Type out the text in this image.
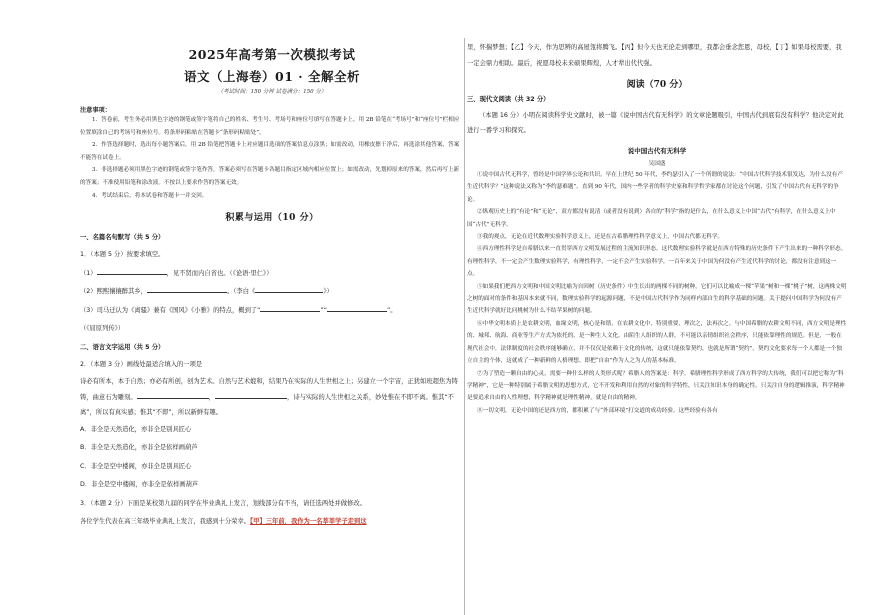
2025年高考第一次模拟考试
语文（上海卷）01 · 全解全析
（考试时间：150 分钟 试卷满分：150 分）
注意事项：
1．答卷前，考生务必用黑色字迹的钢笔或签字笔将自己的姓名、考生号、考场号和座位号填写在答题卡上。用 2B 铅笔在“考场号”和“座位号”栏相应位置填涂自己的考场号和座位号。将条形码粘贴在答题卡“条形码粘贴处”。
2．作答选择题时，选出每小题答案后，用 2B 铅笔把答题卡上对应题目选项的答案信息点涂黑；如需改动，用橡皮擦干净后，再选涂其他答案，答案不能答在试卷上。
3．非选择题必须用黑色字迹的钢笔或签字笔作答，答案必须写在答题卡各题目指定区域内相应位置上；如需改动，先划掉原来的答案，然后再写上新的答案；不准使用铅笔和涂改液。不按以上要求作答的答案无效。
4．考试结束后，将本试卷和答题卡一并交回。
积累与运用（10 分）
一、名篇名句默写（共 5 分）
1．（本题 5 分）按要求填空。
（1）	，见不贤而内自省也。（《论语·里仁》）
（2）熙熙攘攘醉其乡，	。（李白《	》）
（3）司马迁认为《离骚》兼有《国风》《小雅》的特点，概到了“	”“	”。
（《屈原列传》）
二、语言文字运用（共 5 分）
2．（本题 3 分）画线处最适合填入的一项是
诗必有所本，本于自然；亦必有所创，创为艺术。自然与艺术媲和，结果乃在实际的人生世相之上；另建立一个宇宙，正犹如班超焦为铸铸，曲意石为雕刻。	，	，诗与实际的人生世相之关系，妙处惟在不即不离。惟其“不离”，所以有真实感；惟其“不即”，所以新鲜有趣。
A．非全是天然造化，亦非全是别具匠心
B．非全是天然造化，亦非全是依样画葫芦
C．非全是空中楼阁，亦非全是别具匠心
D．非全是空中楼阁，亦非全是依样画葫芦
3．（本题 2 分）下面是某校第九届的同学在毕业典礼上发言，划线部分有不当，请任选两处并做修改。
各位学生代表在高三年级毕业典礼上发言，我感到十分荣幸。【甲】三年前，我作为一名莘莘学子走到这
里，怀揣梦想；【乙】今天，作为思辨的高屋瓴将腾飞。【丙】但今天也无论走到哪里，我都会垂念您恩，母校，【丁】如果母校需要，我一定会鼎力相助。最后，祝愿母校未来硕果辉煌，人才辈出代代强。
阅读（70 分）
三、现代文阅读（共 32 分）
（本题 16 分）小明在阅读科学史文献时，被一篇《说中国古代有无科学》的文章论题吸引，中国古代到底有没有科学？他决定对此进行一番学习和探究。
说中国古代有无科学
吴国盛
①说中国古代无科学，曾经是中国学界公论和共识。早在上世纪 50 年代，李约瑟引入了一个所谓的说法：“中国古代科学技术很发达，为什么没有产生近代科学？”这种说法又称为“李约瑟难题”。直到 90 年代，国内一些学者的科学史家和科学哲学家都在讨论这个问题，引发了中国古代有无科学的争论。
②纵观历史上的“有论”和“无论”，双方都没有说清（或者没有说到）各自的“科学”指的是什么，在什么意义上中国“古代”有科学，在什么意义上中国“古代”无科学。
③我的观点，无论在近代数理实验科学意义上，还是在古希腊理性科学意义上，中国古代都无科学。
④西方理性科学是自希腊以来一直贯穿西方文明发展过程的主流知识形态。这代数理实验科学就是在西方特殊的历史条件下产生出来的一种科学形态。有理性科学，不一定会产生数理实验科学，有理性科学，一定不会产生实验科学。一百年来关于中国为何没有产生近代科学的讨论，都没有注意到这一点。
⑤如果我们把西方文明和中国文明比喻为自因树（历史条件）中生长出的两棵不同的树种，它们可以比喻成一棵“苹果”树和一棵“桃子”树，这两株文明之树的面对的条件和基因本来就不同，数理实验科学的起源问题，不是中国古代科学作为同样内部自生的科学基础的问题。关于提问中国科学为何没有产生近代科学就好比问桃树为什么不结苹果树的问题。
⑥中华文明本质上是农耕文明，血缘文明，核心是和谐，在农耕文化中，特别重要，理次之，法再次之。与中国希腊的农耕文明不同，西方文明是理性的、城邦、航海、商业等生产方式为依托的，是一种生人文化。由陌生人组织的人群，不可能以亲情组织社会秩序，只能依靠理性的规范。但是，一般在现代社会中，法律制度的社会秩序能够确立，并不仅仅是依赖于文化的传统，这就只能依靠契约，也就是所谓“契约”。契约文化要求每一个人都是一个独立自主的个体，这就成了一种新鲜的人格理想。即把“自由”作为人之为人的基本标准。
⑦为了塑造一颗自由的心灵，需要一种什么样的人类形式呢？希腊人的答案是：科学。希腊理性科学形成了西方科学的大传统，我们可以把它称为“科学精神”，它是一种特别属于希腊文明的思想方式，它不开发和利用自然的对象的科学特性，只关注知识本身的确定性，只关注自身的逻辑推演，科学精神是要追求自由的人性理想，科学精神就是理性精神，就是自由的精神。
⑧一切文明，无论中国的还是西方的，都积累了与“外部环境”打交道的成功经验。这些经验有各有
